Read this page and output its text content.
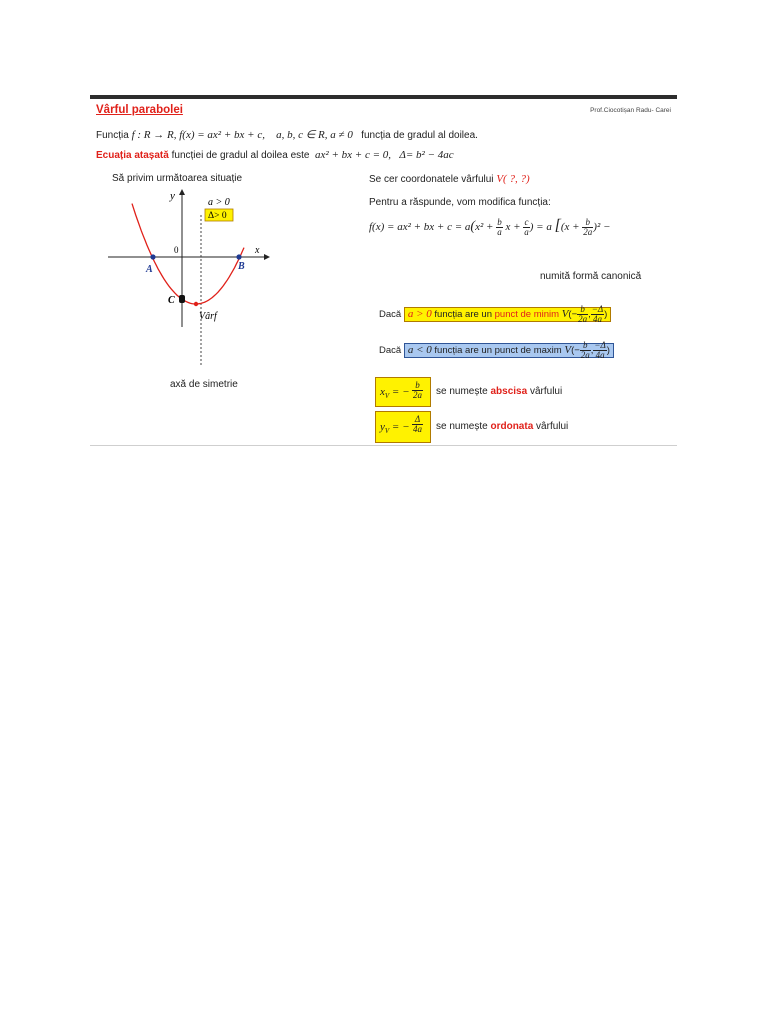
Vârful parabolei	Prof.Ciocotișan Radu- Carei
Funcția f : R → R, f(x) = ax² + bx + c, a, b, c ∈ R, a ≠ 0 funcția de gradul al doilea.
Ecuația atașată funcției de gradul al doilea este ax² + bx + c = 0, Δ= b² − 4ac
Să privim următoarea situație
y
x
0
A	B
C
Vârf
a > 0
Δ> 0
axă de simetrie
Se cer coordonatele vârfului V( ?, ?)
Pentru a răspunde, vom modifica funcția:
f(x) = ax² + bx + $c = a(x^2 + \frac{b}{a}$ $x + \frac{c}{a}$ ) = a [$(x + \frac{b}{2a} )^2$ −
numită formă canonică
Dacă a > 0 funcția are un punct de minim $V(- \frac{b}{2a}$ , $\frac{-\Delta}{4a}$ )
Dacă a < 0 funcția are un punct de maxim $V(- \frac{b}{2a}$ , $\frac{-\Delta}{4a}$ )
$x_V$ = − $\frac{b}{2a}$ se numește abscisa vârfului
$y_V$ = − $\frac{\Delta}{4a}$ se numește ordonata vârfului
